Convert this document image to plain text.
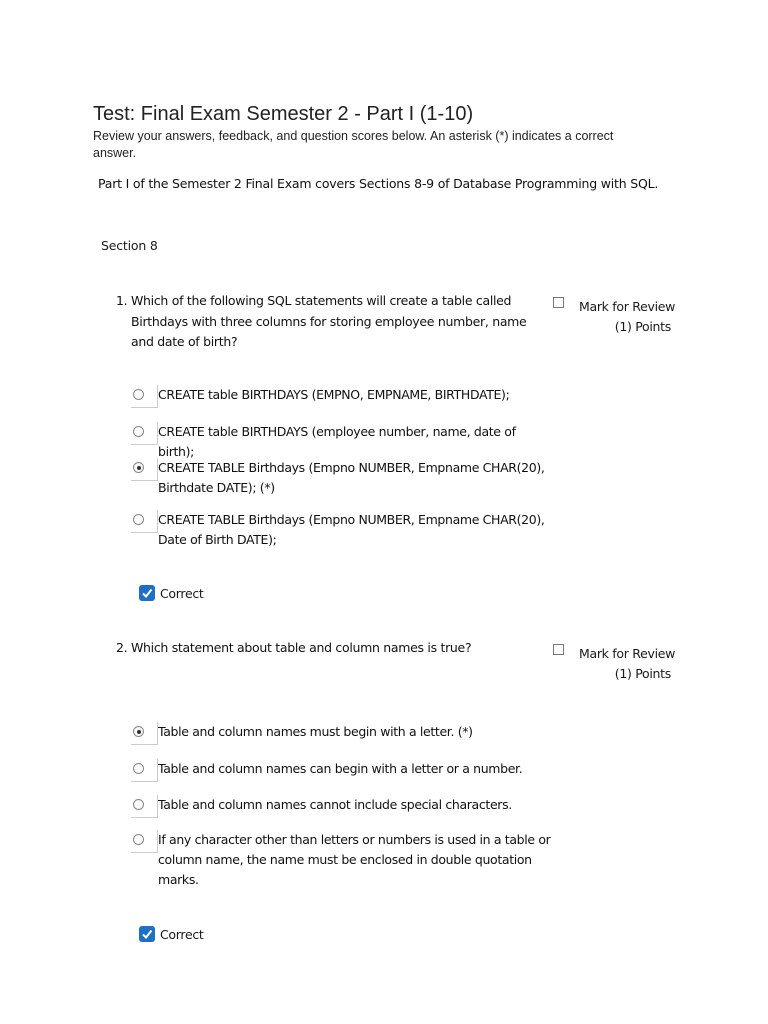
Test: Final Exam Semester 2 - Part I (1-10)
Review your answers, feedback, and question scores below. An asterisk (*) indicates a correct answer.
Part I of the Semester 2 Final Exam covers Sections 8-9 of Database Programming with SQL.
Section 8
1. Which of the following SQL statements will create a table called Birthdays with three columns for storing employee number, name and date of birth?
Mark for Review
(1) Points
CREATE table BIRTHDAYS (EMPNO, EMPNAME, BIRTHDATE);
CREATE table BIRTHDAYS (employee number, name, date of birth);
CREATE TABLE Birthdays (Empno NUMBER, Empname CHAR(20), Birthdate DATE); (*)
CREATE TABLE Birthdays (Empno NUMBER, Empname CHAR(20), Date of Birth DATE);
Correct
2. Which statement about table and column names is true?	Mark for Review
(1) Points
Table and column names must begin with a letter. (*)
Table and column names can begin with a letter or a number.
Table and column names cannot include special characters.
If any character other than letters or numbers is used in a table or column name, the name must be enclosed in double quotation marks.
Correct
